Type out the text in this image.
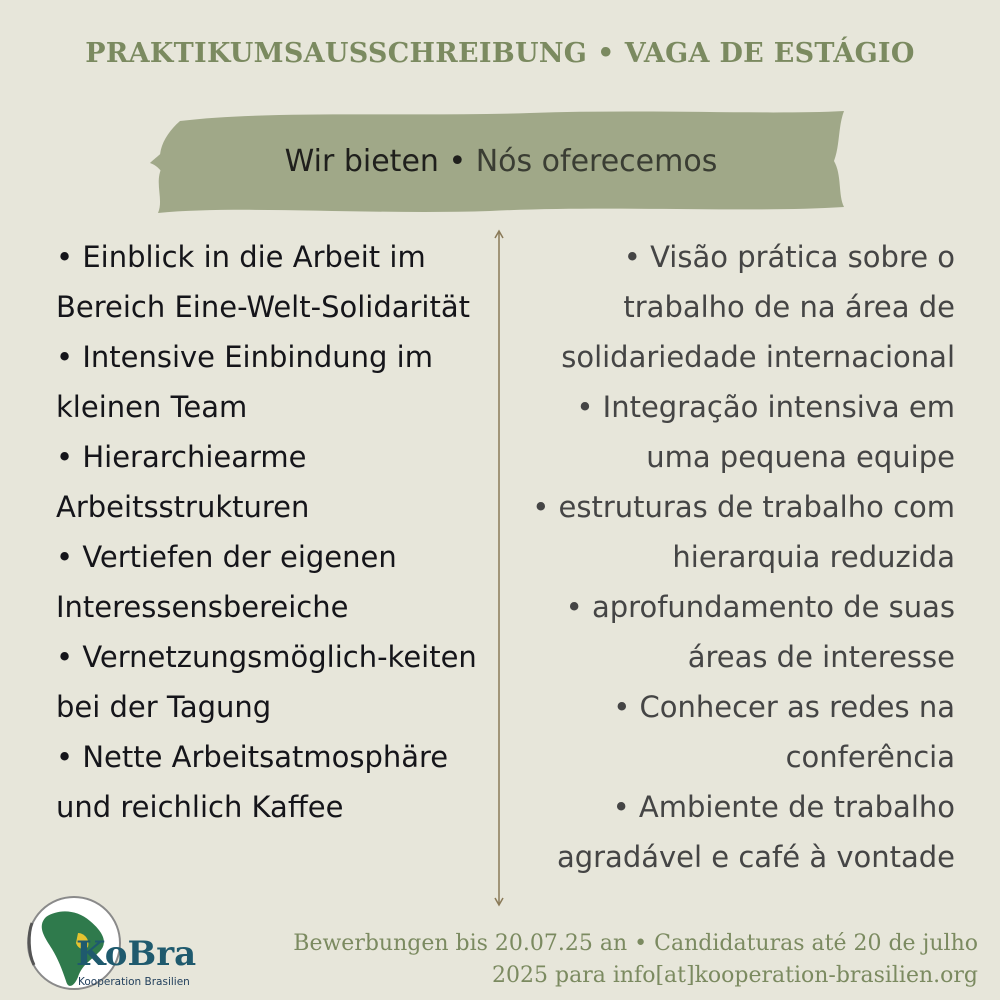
PRAKTIKUMSAUSSCHREIBUNG • VAGA DE ESTÁGIO
Wir bieten
•
Nós oferecemos
• Einblick in die Arbeit im Bereich Eine-Welt-Solidarität
• Intensive Einbindung im kleinen Team
• Hierarchiearme Arbeitsstrukturen
• Vertiefen der eigenen Interessensbereiche
• Vernetzungsmöglich-keiten bei der Tagung
• Nette Arbeitsatmosphäre und reichlich Kaffee
• Visão prática sobre o trabalho de na área de solidariedade internacional
• Integração intensiva em uma pequena equipe
• estruturas de trabalho com hierarquia reduzida
• aprofundamento de suas áreas de interesse
• Conhecer as redes na conferência
• Ambiente de trabalho agradável e café à vontade
KoBra
Kooperation Brasilien
Bewerbungen bis 20.07.25 an • Candidaturas até 20 de julho
2025 para info[at]kooperation-brasilien.org
